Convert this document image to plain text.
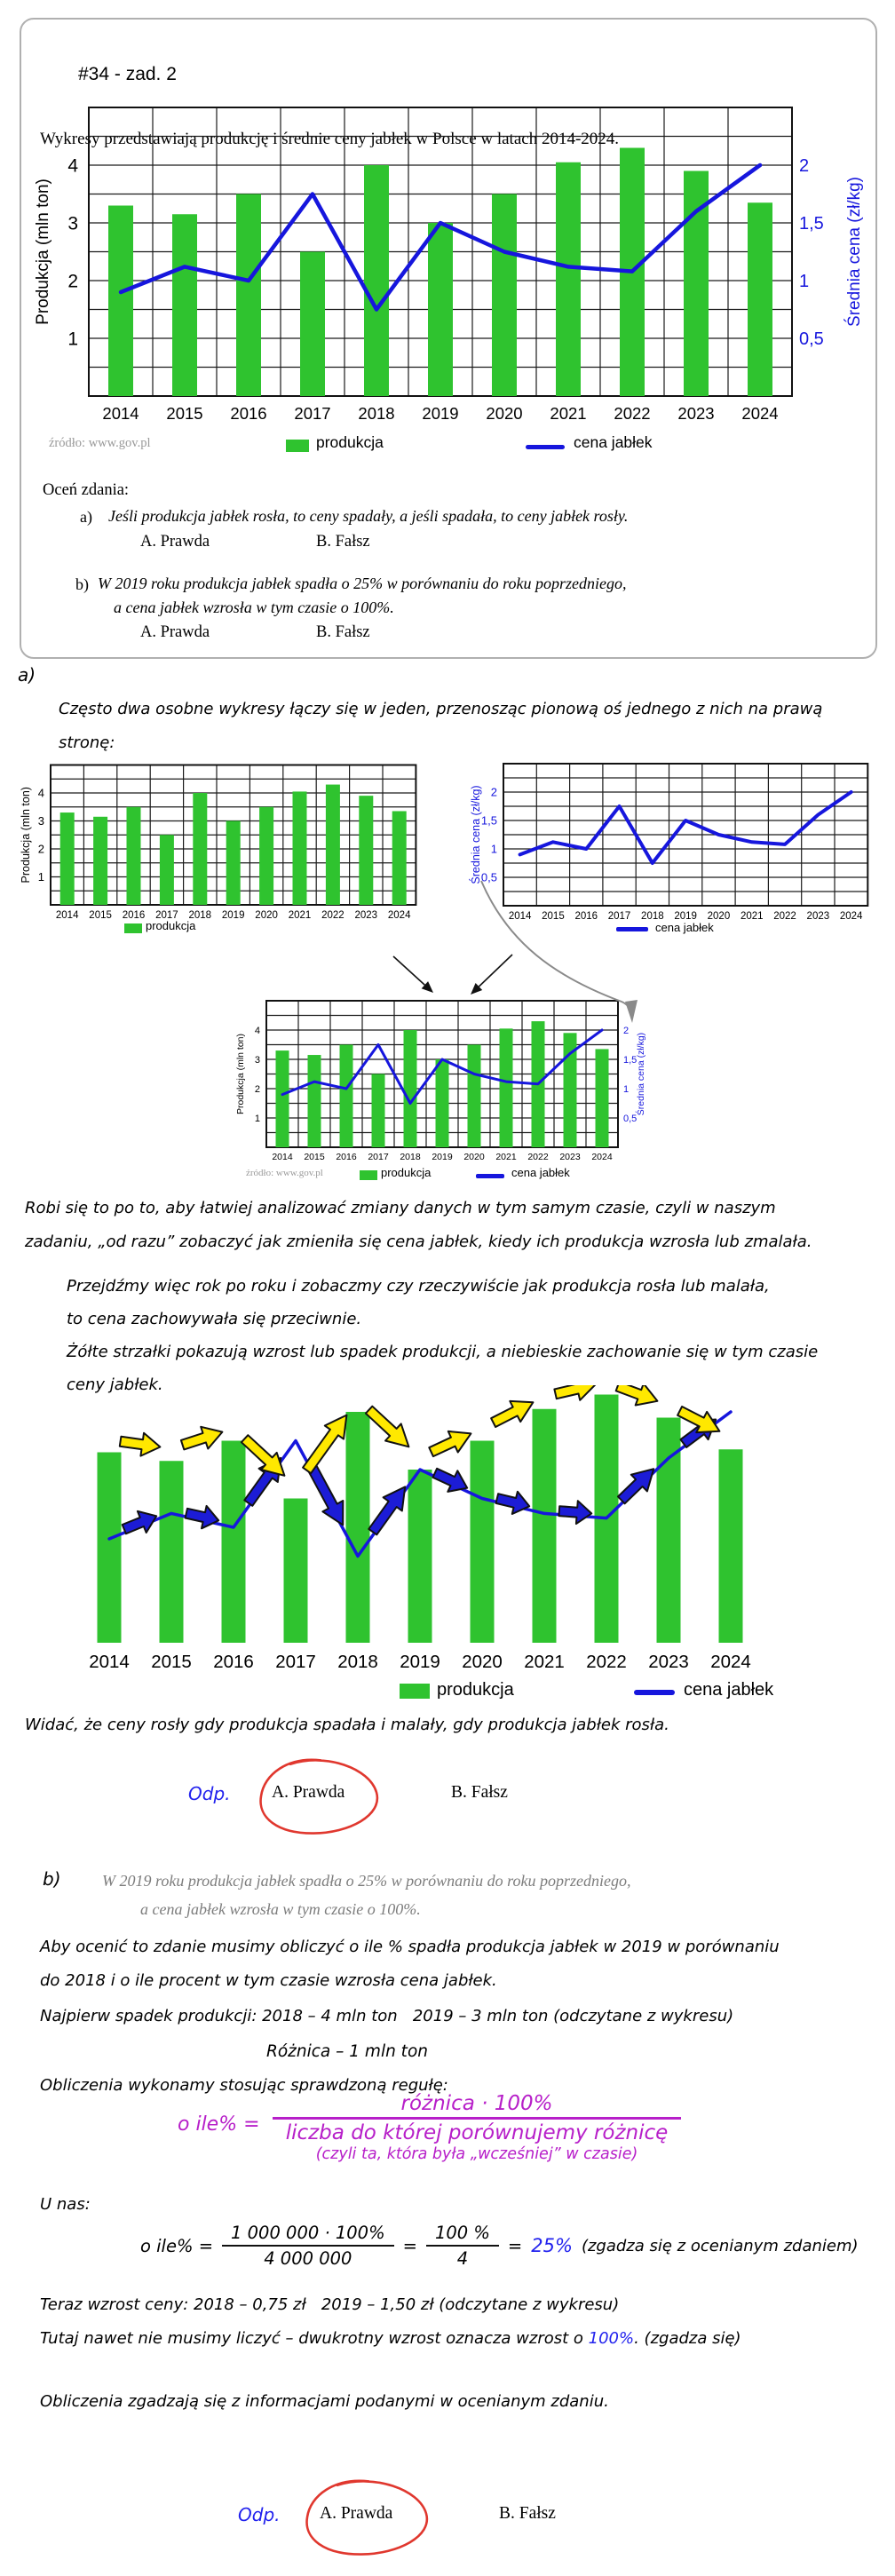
#34 - zad. 2
Wykresy przedstawiają produkcję i średnie ceny jabłek w Polsce w latach 2014-2024.
1
2
3
4
Produkcja (mln ton)
0,5
1
1,5
2
Średnia cena (zł/kg)
2014 2015 2016 2017 2018 2019 2020 2021 2022 2023 2024
źródło: www.gov.pl	produkcja	cena jabłek
Oceń zdania:
a) Jeśli produkcja jabłek rosła, to ceny spadały, a jeśli spadała, to ceny jabłek rosły.
A. Prawda	B. Fałsz
b) W 2019 roku produkcja jabłek spadła o 25% w porównaniu do roku poprzedniego,
a cena jabłek wzrosła w tym czasie o 100%.
A. Prawda	B. Fałsz
a)
Często dwa osobne wykresy łączy się w jeden, przenosząc pionową oś jednego z nich na prawą
stronę:
1
2
3
4
Produkcja (mln ton)
2014 2015 2016 2017 2018 2019 2020 2021 2022 2023 2024
0,5
1
1,5
2
Średnia cena (zł/kg)
2014 2015 2016 2017 2018 2019 2020 2021 2022 2023 2024
produkcja	cena jabłek
1
2
3
4
Produkcja (mln ton)
0,5
1
1,5
2
Średnia cena (zł/kg)
2014 2015 2016 2017 2018 2019 2020 2021 2022 2023 2024
źródło: www.gov.pl	produkcja	cena jabłek
Robi się to po to, aby łatwiej analizować zmiany danych w tym samym czasie, czyli w naszym
zadaniu, „od razu” zobaczyć jak zmieniła się cena jabłek, kiedy ich produkcja wzrosła lub zmalała.
Przejdźmy więc rok po roku i zobaczmy czy rzeczywiście jak produkcja rosła lub malała,
to cena zachowywała się przeciwnie.
Żółte strzałki pokazują wzrost lub spadek produkcji, a niebieskie zachowanie się w tym czasie
ceny jabłek.
2014 2015 2016 2017 2018 2019 2020 2021 2022 2023 2024
produkcja	cena jabłek
Widać, że ceny rosły gdy produkcja spadała i malały, gdy produkcja jabłek rosła.
Odp. A. Prawda	B. Fałsz
b)	W 2019 roku produkcja jabłek spadła o 25% w porównaniu do roku poprzedniego,
a cena jabłek wzrosła w tym czasie o 100%.
Aby ocenić to zdanie musimy obliczyć o ile % spadła produkcja jabłek w 2019 w porównaniu
do 2018 i o ile procent w tym czasie wzrosła cena jabłek.
Najpierw spadek produkcji: 2018 – 4 mln ton   2019 – 3 mln ton (odczytane z wykresu)
Różnica – 1 mln ton
Obliczenia wykonamy stosując sprawdzoną regułę:
o $ile\% = \frac{\text{różnica · 100\%}}{\text{liczba do której porównujemy różnicę}}$
(czyli ta, która była „wcześniej” w czasie)
U nas:
o $ile\% = \frac{1 000 000 \cdot 100\%}{4 000 000} = \frac{100 \%}{4} = 25\%$ (zgadza się z ocenianym zdaniem)
Teraz wzrost ceny: 2018 – 0,75 zł   2019 – 1,50 zł (odczytane z wykresu)
Tutaj nawet nie musimy liczyć – dwukrotny wzrost oznacza wzrost o 100%. (zgadza się)
Obliczenia zgadzają się z informacjami podanymi w ocenianym zdaniu.
Odp. A. Prawda	B. Fałsz
